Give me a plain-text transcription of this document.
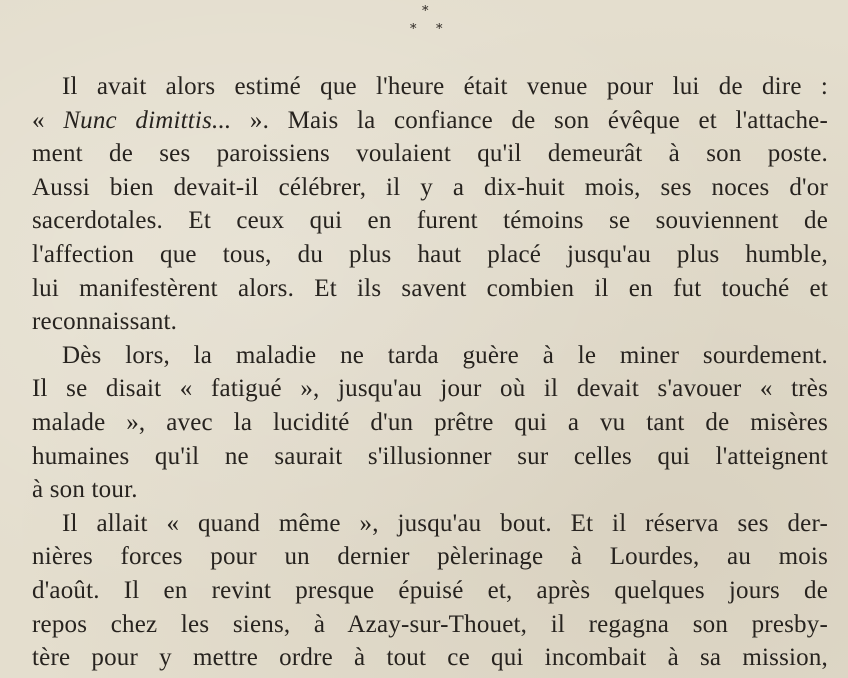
*
* *
Il avait alors estimé que l'heure était venue pour lui de dire :
« Nunc dimittis... ». Mais la confiance de son évêque et l'attache-
ment de ses paroissiens voulaient qu'il demeurât à son poste.
Aussi bien devait-il célébrer, il y a dix-huit mois, ses noces d'or
sacerdotales. Et ceux qui en furent témoins se souviennent de
l'affection que tous, du plus haut placé jusqu'au plus humble,
lui manifestèrent alors. Et ils savent combien il en fut touché et
reconnaissant.
Dès lors, la maladie ne tarda guère à le miner sourdement.
Il se disait « fatigué », jusqu'au jour où il devait s'avouer « très
malade », avec la lucidité d'un prêtre qui a vu tant de misères
humaines qu'il ne saurait s'illusionner sur celles qui l'atteignent
à son tour.
Il allait « quand même », jusqu'au bout. Et il réserva ses der-
nières forces pour un dernier pèlerinage à Lourdes, au mois
d'août. Il en revint presque épuisé et, après quelques jours de
repos chez les siens, à Azay-sur-Thouet, il regagna son presby-
tère pour y mettre ordre à tout ce qui incombait à sa mission,
